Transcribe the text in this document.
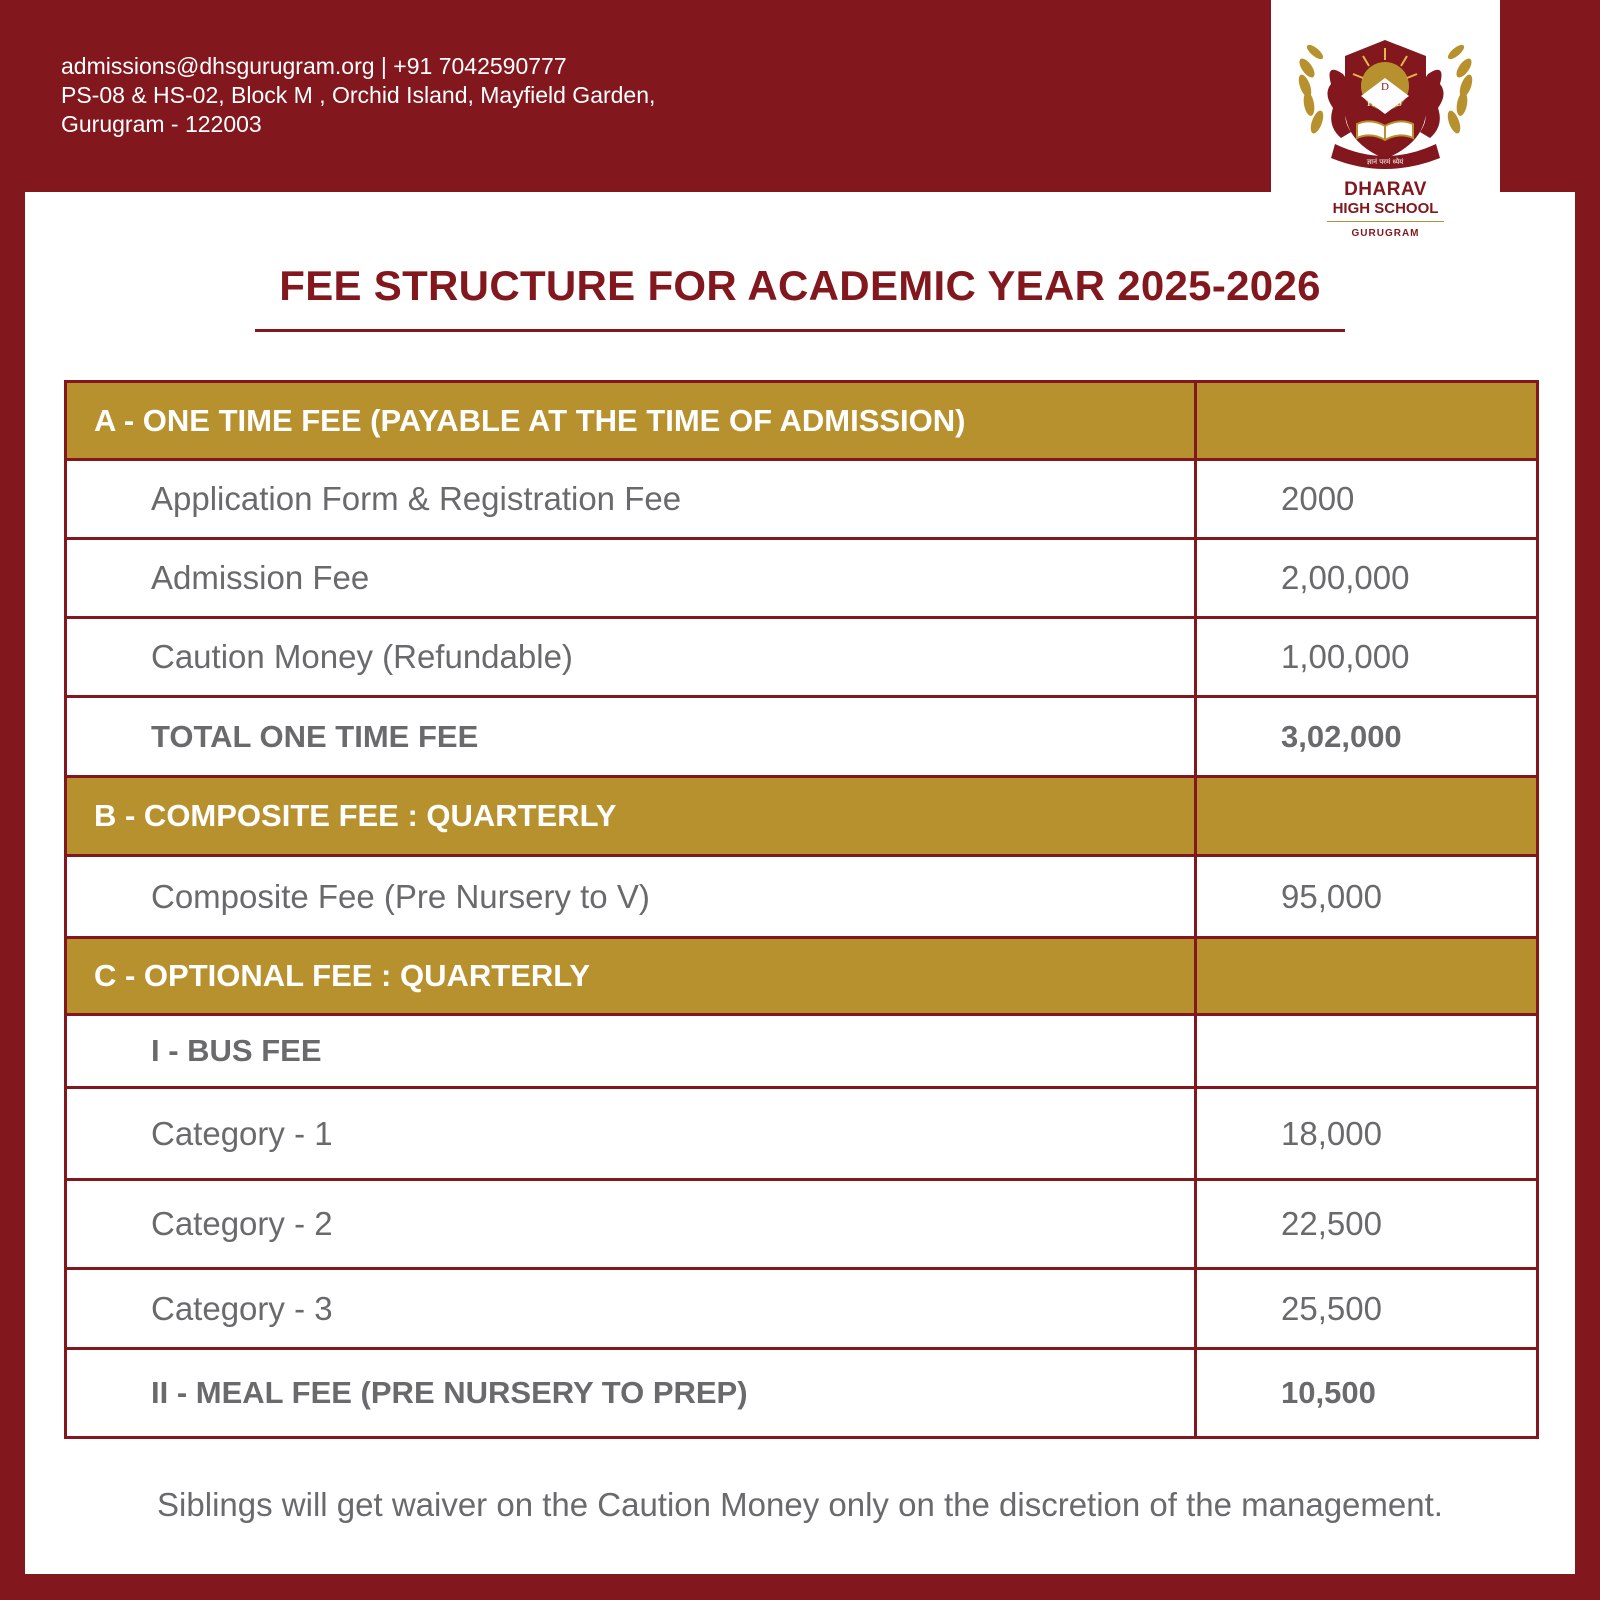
admissions@dhsgurugram.org | +91 7042590777
PS-08 & HS-02, Block M , Orchid Island, Mayfield Garden,
Gurugram - 122003
D
H S
ज्ञानं परमं ध्येयं
DHARAV
HIGH SCHOOL
GURUGRAM
FEE STRUCTURE FOR ACADEMIC YEAR 2025-2026
A - ONE TIME FEE (PAYABLE AT THE TIME OF ADMISSION)	
Application Form & Registration Fee	2000
Admission Fee	2,00,000
Caution Money (Refundable)	1,00,000
TOTAL ONE TIME FEE	3,02,000
B - COMPOSITE FEE : QUARTERLY	
Composite Fee (Pre Nursery to V)	95,000
C - OPTIONAL FEE : QUARTERLY	
I - BUS FEE	
Category - 1	18,000
Category - 2	22,500
Category - 3	25,500
II - MEAL FEE (PRE NURSERY TO PREP)	10,500
Siblings will get waiver on the Caution Money only on the discretion of the management.
